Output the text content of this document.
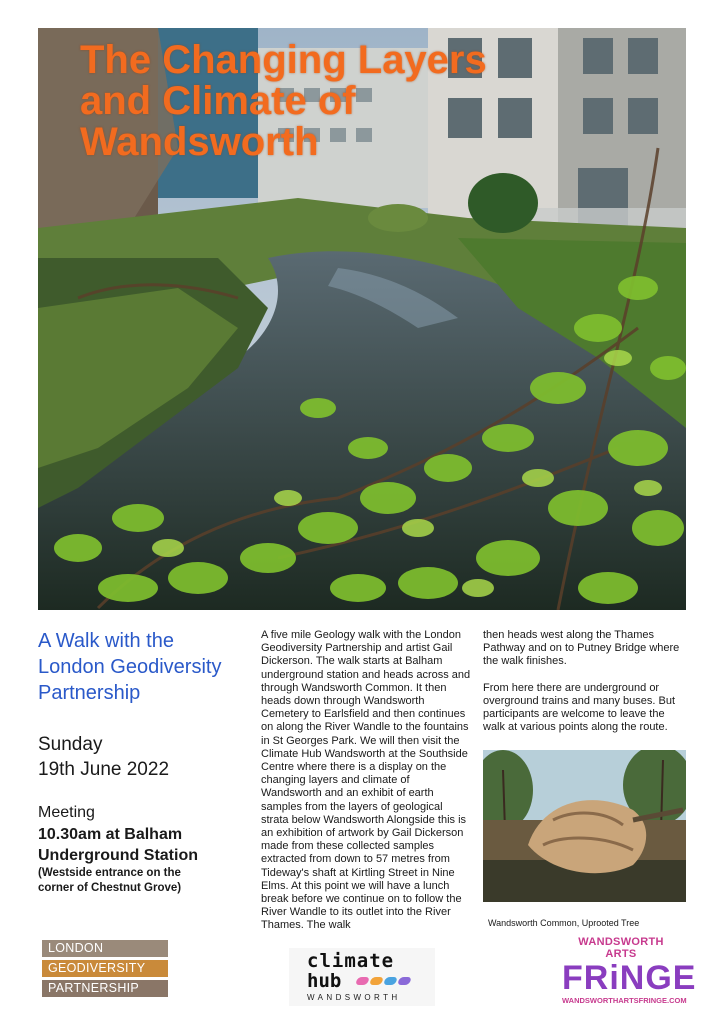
The Changing Layers
and Climate of
Wandsworth
A Walk with the
London Geodiversity
Partnership

Sunday

19th June 2022

Meeting

10.30am at Balham

Underground Station

(Westside entrance on the corner of Chestnut Grove)

A five mile Geology walk with the London Geodiversity Partnership and artist Gail Dickerson. The walk starts at Balham underground station and heads across and through Wandsworth Common. It then heads down through Wandsworth Cemetery to Earlsfield and then continues on along the River Wandle to the fountains in St Georges Park. We will then visit the Climate Hub Wandsworth at the Southside Centre where there is a display on the changing layers and climate of Wandsworth and an exhibit of earth samples from the layers of geological strata below Wandsworth Alongside this is an exhibition of artwork by Gail Dickerson made from these collected samples extracted from down to 57 metres from Tideway's shaft at Kirtling Street in Nine Elms. At this point we will have a lunch break before we continue on to follow the River Wandle to its outlet into the River Thames. The walk

then heads west along the Thames Pathway and on to Putney Bridge where the walk finishes.

From here there are underground or overground trains and many buses. But participants are welcome to leave the walk at various points along the route.

Wandsworth Common, Uprooted Tree

LONDON
GEODIVERSITY
PARTNERSHIP

climate

hub

WANDSWORTH

WANDSWORTH ARTS

FRiNGE

WANDSWORTHARTSFRINGE.COM
